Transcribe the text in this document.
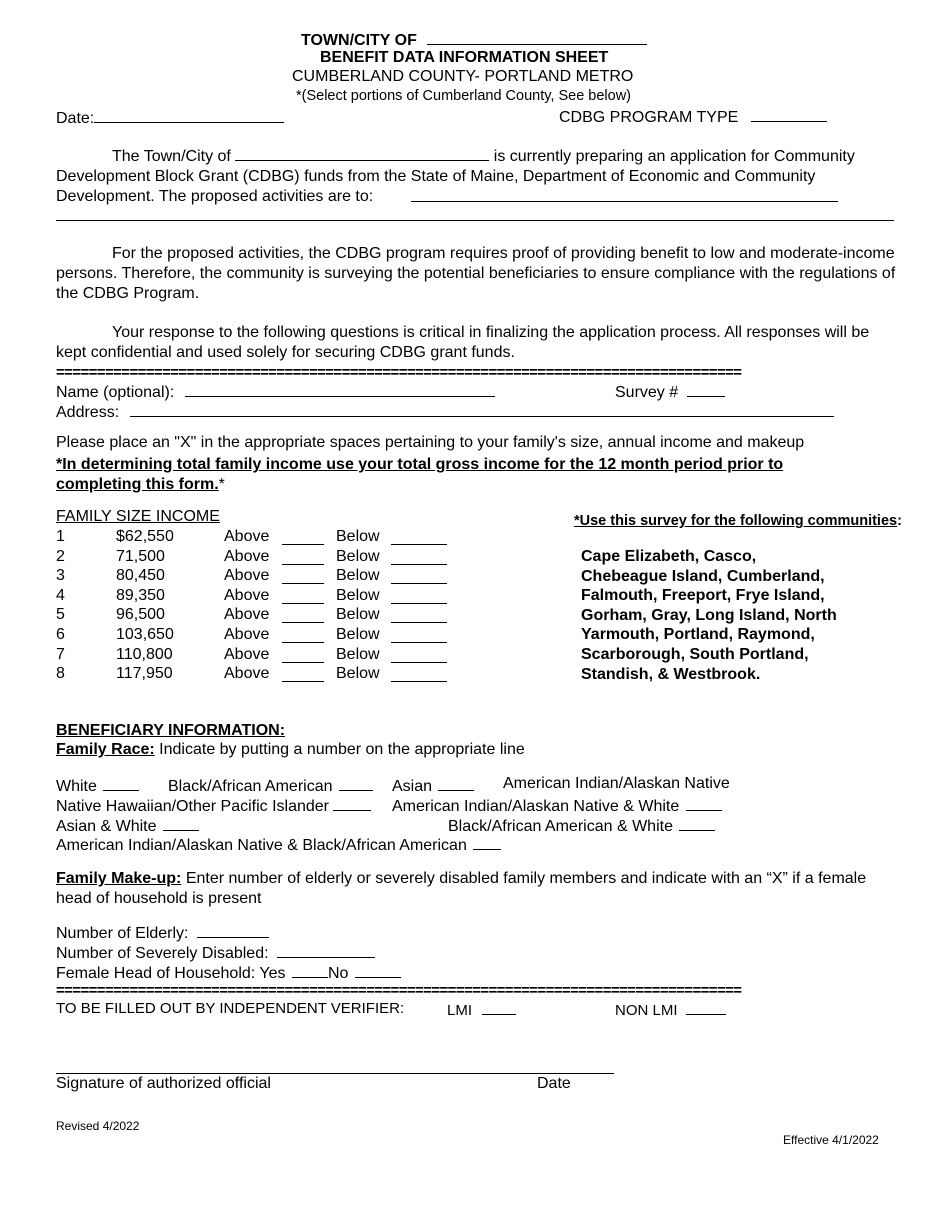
TOWN/CITY OF
BENEFIT DATA INFORMATION SHEET
CUMBERLAND COUNTY- PORTLAND METRO
*(Select portions of Cumberland County, See below)
Date:	CDBG PROGRAM TYPE
The Town/City of	is currently preparing an application for Community Development Block Grant (CDBG) funds from the State of Maine, Department of Economic and Community Development. The proposed activities are to:
For the proposed activities, the CDBG program requires proof of providing benefit to low and moderate-income persons. Therefore, the community is surveying the potential beneficiaries to ensure compliance with the regulations of the CDBG Program.
Your response to the following questions is critical in finalizing the application process. All responses will be kept confidential and used solely for securing CDBG grant funds.
====================================================================================
Name (optional):	Survey #
Address:
Please place an "X" in the appropriate spaces pertaining to your family's size, annual income and makeup
*In determining total family income use your total gross income for the 12 month period prior to completing this form.*
FAMILY SIZE INCOME
1	$62,550	Above	Below
2	71,500	Above	Below
3	80,450	Above	Below
4	89,350	Above	Below
5	96,500	Above	Below
6	103,650	Above	Below
7	110,800	Above	Below
8	117,950	Above	Below
*Use this survey for the following communities:
Cape Elizabeth, Casco,
Chebeague Island, Cumberland,
Falmouth, Freeport, Frye Island,
Gorham, Gray, Long Island, North
Yarmouth, Portland, Raymond,
Scarborough, South Portland,
Standish, & Westbrook.
BENEFICIARY INFORMATION:
Family Race: Indicate by putting a number on the appropriate line
White	Black/African American	Asian	American Indian/Alaskan Native
Native Hawaiian/Other Pacific Islander	American Indian/Alaskan Native & White
Asian & White	Black/African American & White
American Indian/Alaskan Native & Black/African American
Family Make-up: Enter number of elderly or severely disabled family members and indicate with an “X” if a female head of household is present
Number of Elderly:
Number of Severely Disabled:
Female Head of Household: Yes	No
====================================================================================
TO BE FILLED OUT BY INDEPENDENT VERIFIER:	LMI	NON LMI
Signature of authorized official	Date
Revised 4/2022
Effective 4/1/2022
